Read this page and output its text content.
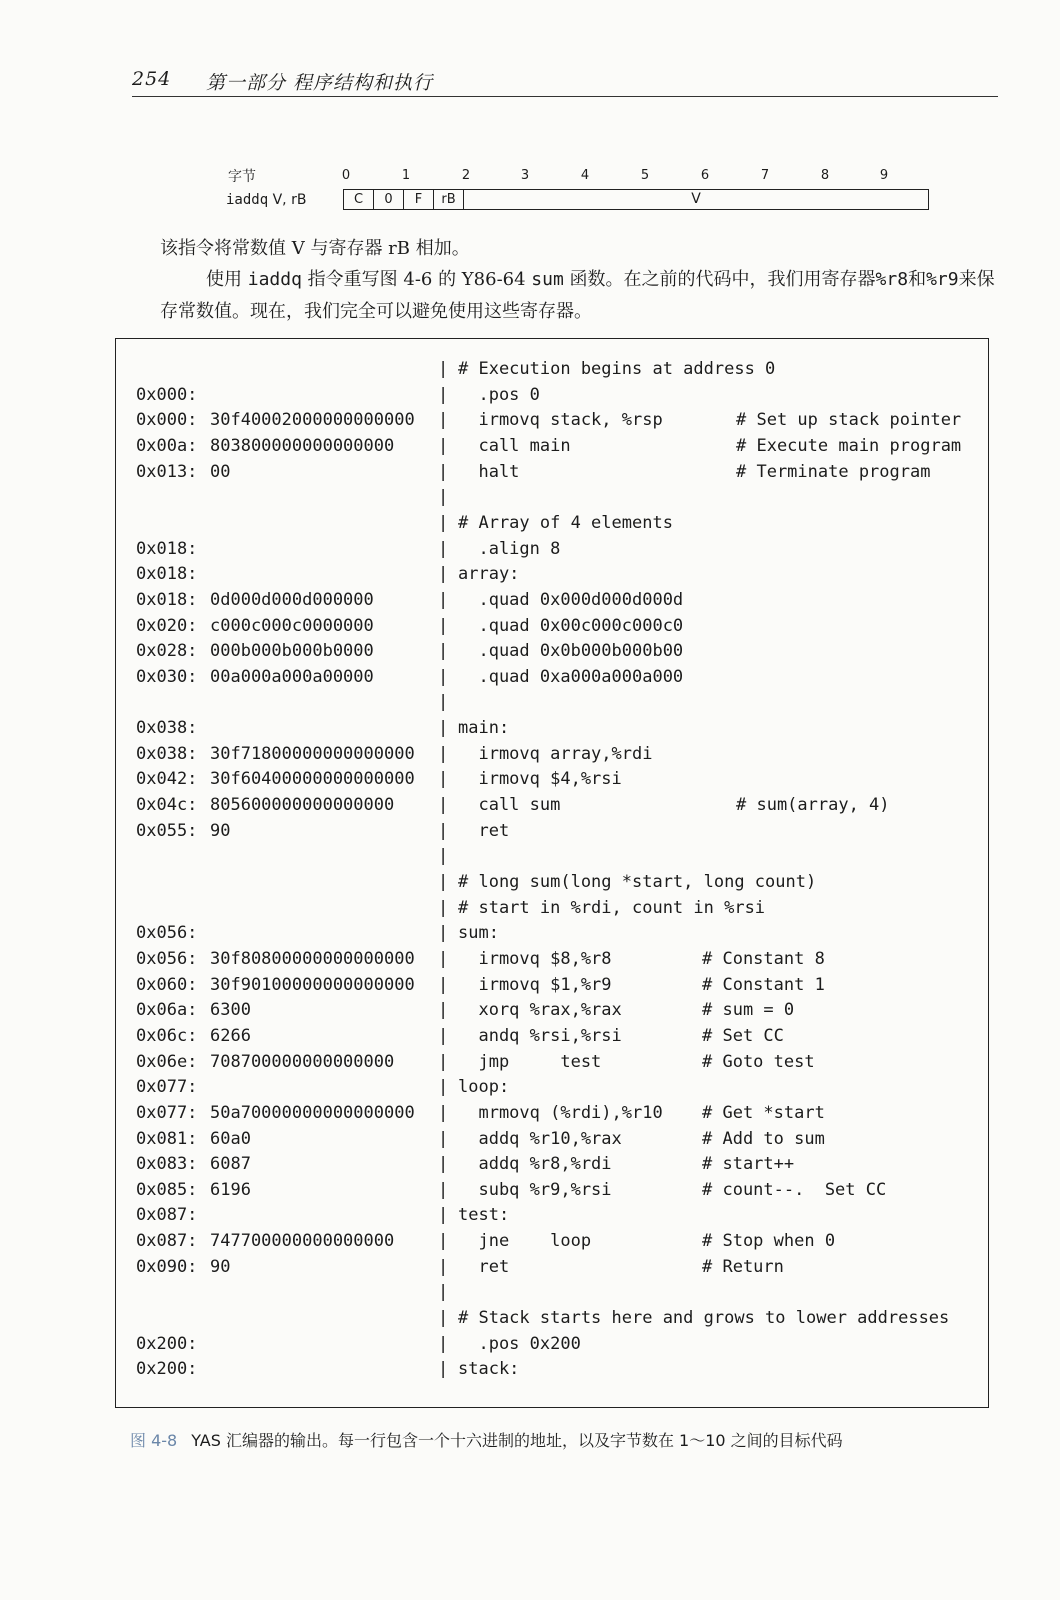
254 第一部分 程序结构和执行
字节	0	1	2	3	4	5	6	7	8	9
iaddq V, rB	C	0	F	rB	V
该指令将常数值 V 与寄存器 rB 相加。
使用 iaddq 指令重写图 4-6 的 Y86-64 sum 函数。在之前的代码中，我们用寄存器%r8和%r9来保存常数值。现在，我们完全可以避免使用这些寄存器。
| # Execution begins at address 0
0x000:	| .pos 0
0x000: 30f40002000000000000 | irmovq stack, %rsp	# Set up stack pointer
0x00a: 803800000000000000	| call main	# Execute main program
0x013: 00	| halt	# Terminate program
|
| # Array of 4 elements
0x018:	| .align 8
0x018:	| array:
0x018: 0d000d000d000000	| .quad 0x000d000d000d
0x020: c000c000c0000000	| .quad 0x00c000c000c0
0x028: 000b000b000b0000	| .quad 0x0b000b000b00
0x030: 00a000a000a00000	| .quad 0xa000a000a000
|
0x038:	| main:
0x038: 30f71800000000000000 | irmovq array,%rdi
0x042: 30f60400000000000000 | irmovq $4,%rsi
0x04c: 805600000000000000	| call sum	# sum(array, 4)
0x055: 90	| ret
|
| # long sum(long *start, long count)
| # start in %rdi, count in %rsi
0x056:	| sum:
0x056: 30f80800000000000000 | irmovq $8,%r8	# Constant 8
0x060: 30f90100000000000000 | irmovq $1,%r9	# Constant 1
0x06a: 6300	| xorq %rax,%rax	# sum = 0
0x06c: 6266	| andq %rsi,%rsi	# Set CC
0x06e: 708700000000000000	| jmp     test	# Goto test
0x077:	| loop:
0x077: 50a70000000000000000 | mrmovq (%rdi),%r10 # Get *start
0x081: 60a0	| addq %r10,%rax	# Add to sum
0x083: 6087	| addq %r8,%rdi	# start++
0x085: 6196	| subq %r9,%rsi	# count--.  Set CC
0x087:	| test:
0x087: 747700000000000000	| jne    loop	# Stop when 0
0x090: 90	| ret	# Return
|
| # Stack starts here and grows to lower addresses
0x200:	| .pos 0x200
0x200:	| stack:
图 4-8 YAS 汇编器的输出。每一行包含一个十六进制的地址，以及字节数在 1～10 之间的目标代码
